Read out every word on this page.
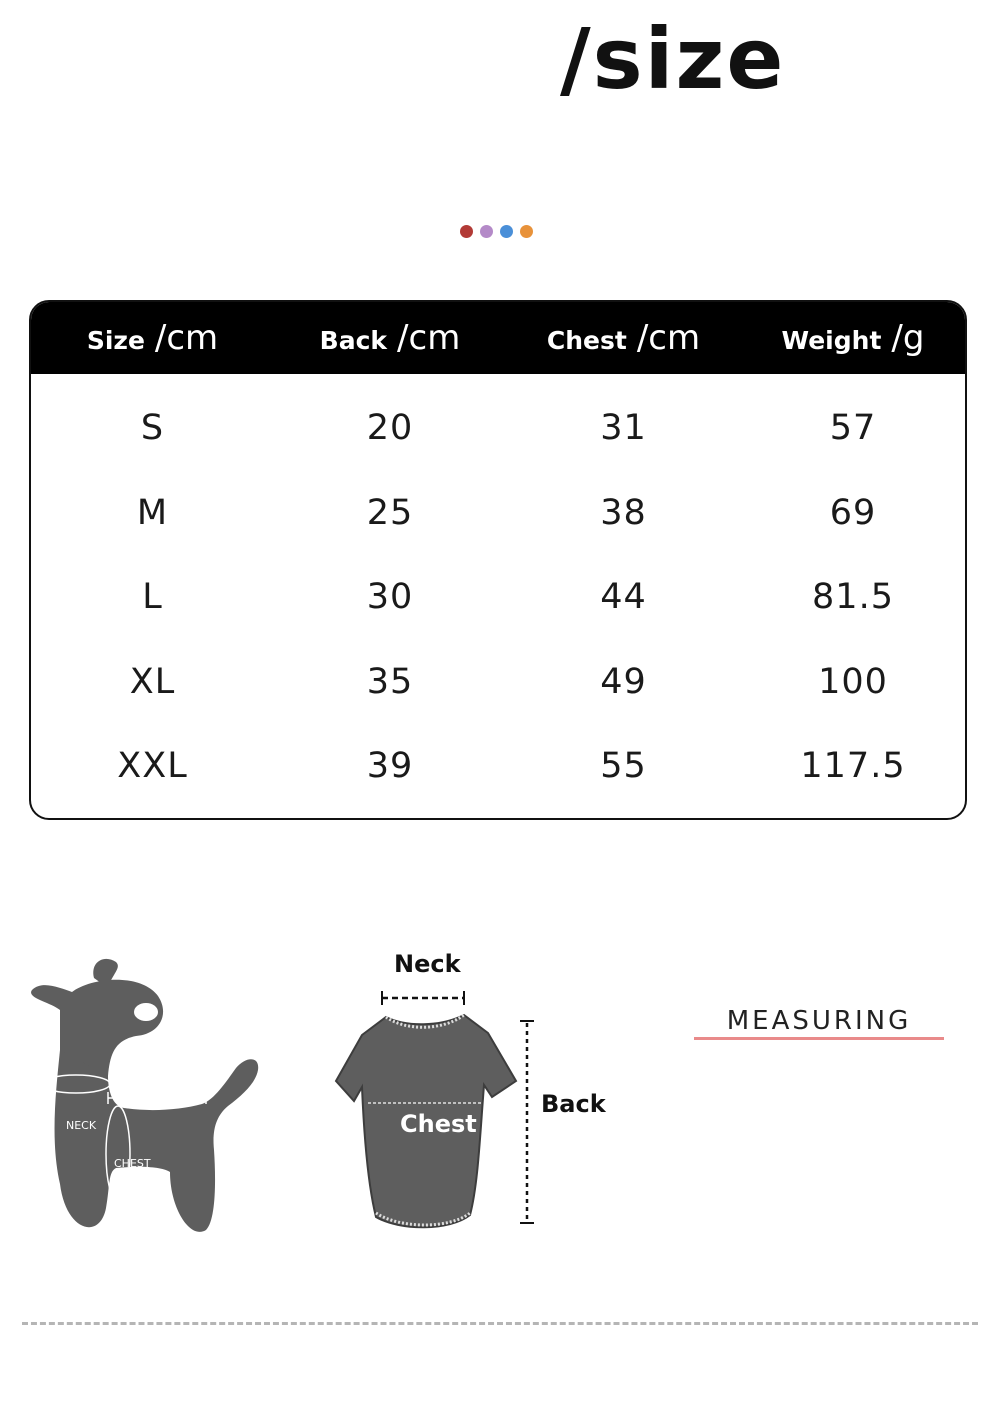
/size
Size /cm	Back /cm	Chest /cm	Weight /g
S	20	31	57
M	25	38	69
L	30	44	81.5
XL	35	49	100
XXL	39	55	117.5
LENGTH
NECK
CHEST
Neck
Chest
Back
MEASURING
